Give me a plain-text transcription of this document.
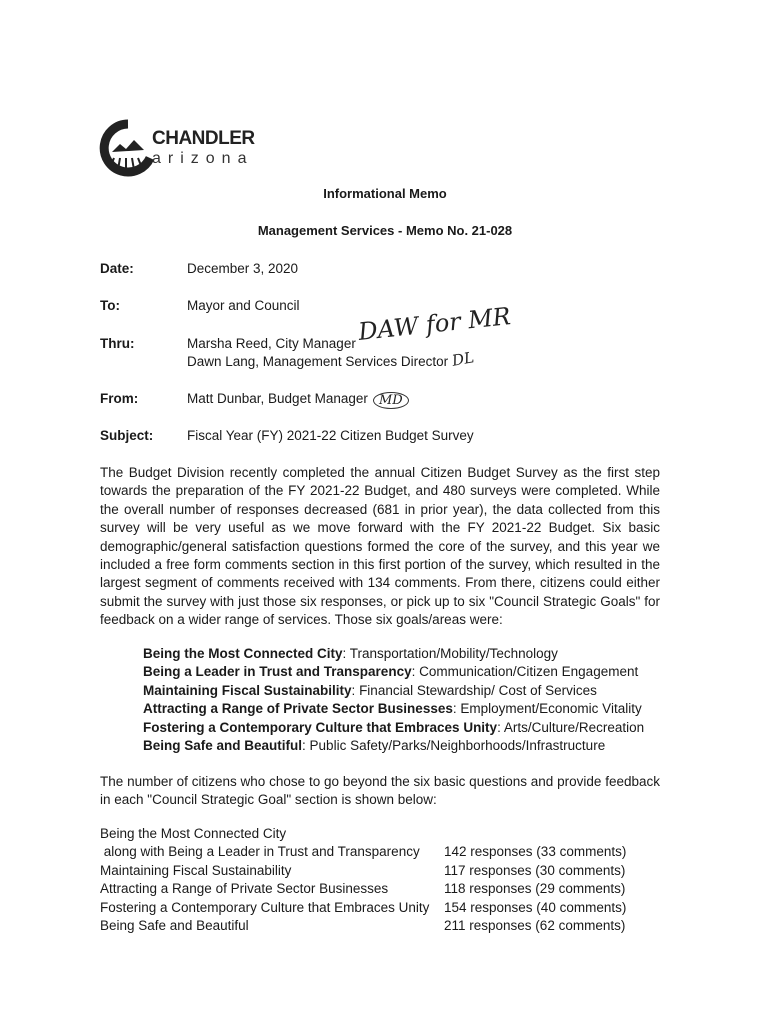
CHANDLER
arizona
Informational Memo
Management Services - Memo No. 21-028
Date:	December 3, 2020
To:	Mayor and Council
Thru:	Marsha Reed, City Manager
Dawn Lang, Management Services Director
DAW for MR
DL
From:	Matt Dunbar, Budget Manager MD
Subject: Fiscal Year (FY) 2021-22 Citizen Budget Survey
The Budget Division recently completed the annual Citizen Budget Survey as the first step towards the preparation of the FY 2021-22 Budget, and 480 surveys were completed. While the overall number of responses decreased (681 in prior year), the data collected from this survey will be very useful as we move forward with the FY 2021-22 Budget. Six basic demographic/general satisfaction questions formed the core of the survey, and this year we included a free form comments section in this first portion of the survey, which resulted in the largest segment of comments received with 134 comments. From there, citizens could either submit the survey with just those six responses, or pick up to six "Council Strategic Goals" for feedback on a wider range of services. Those six goals/areas were:
Being the Most Connected City: Transportation/Mobility/Technology
Being a Leader in Trust and Transparency: Communication/Citizen Engagement
Maintaining Fiscal Sustainability: Financial Stewardship/ Cost of Services
Attracting a Range of Private Sector Businesses: Employment/Economic Vitality
Fostering a Contemporary Culture that Embraces Unity: Arts/Culture/Recreation
Being Safe and Beautiful: Public Safety/Parks/Neighborhoods/Infrastructure
The number of citizens who chose to go beyond the six basic questions and provide feedback in each "Council Strategic Goal" section is shown below:
Being the Most Connected City
along with Being a Leader in Trust and Transparency 142 responses (33 comments)
Maintaining Fiscal Sustainability	117 responses (30 comments)
Attracting a Range of Private Sector Businesses	118 responses (29 comments)
Fostering a Contemporary Culture that Embraces Unity 154 responses (40 comments)
Being Safe and Beautiful	211 responses (62 comments)
